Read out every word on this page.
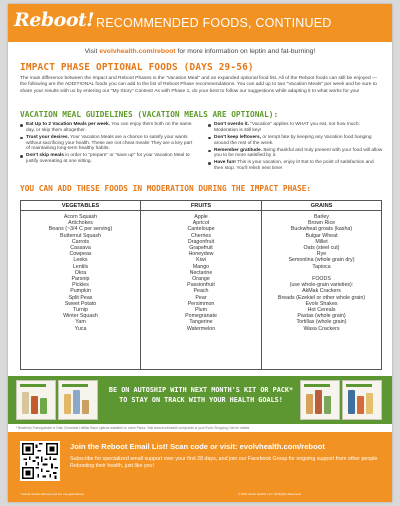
Reboot! RECOMMENDED FOODS, CONTINUED
Visit evolvhealth.com/reboot for more information on leptin and fat-burning!
IMPACT PHASE OPTIONAL FOODS (DAYS 29-56)
The main difference between the Impact and Reboot Phases is the "Vacation Meal" and an expanded optional food list. All of the Reboot foods can still be enjoyed — the following are the ADDITIONAL foods you can add to the list of Reboot Phase recommendations. You can add up to two "Vacation Meals" per week and be sure to share your results with us by entering our "My Story" Contest! As with Phase 1, do your best to follow our suggestions while adapting it to what works for you!
VACATION MEAL GUIDELINES (VACATION MEALS ARE OPTIONAL):
Eat Up to 2 Vacation Meals per week. You can enjoy them both on the same day, or skip them altogether.
Trust your desires. Your Vacation Meals are a chance to satisfy your wants without sacrificing your health. These are not cheat meals! They are a key part of maintaining long-term healthy habits.
Don't skip meals in order to "prepare" or "save up" for your Vacation Meal to justify overeating at one sitting.
Don't overdo it. "Vacation" applies to WHAT you eat, not how much: Moderation is still key!
Don't keep leftovers, or tempt fate by keeping any Vacation food hanging around the rest of the week.
Remember gratitude. Being thankful and truly present with your food will allow you to be more satisfied by it.
Have fun! This is your vacation, enjoy it! Eat to the point of satisfaction and then stop. You'll relish next time!
YOU CAN ADD THESE FOODS IN MODERATION DURING THE IMPACT PHASE:
VEGETABLES
Acorn Squash
Artichokes
Beans (~3/4 C per serving)
Butternut Squash
Carrots
Cassava
Cowpeas
Leeks
Lentils
Okra
Parsnip
Pickles
Pumpkin
Split Peas
Sweet Potato
Turnip
Winter Squash
Yam
Yuca
FRUITS
Apple
Apricot
Canteloupe
Cherries
Dragonfruit
Grapefruit
Honeydew
Kiwi
Mango
Nectarine
Orange
Passionfruit
Peach
Pear
Persimmon
Plum
Pomegranate
Tangerine
Watermelon
GRAINS
Barley
Brown Rice
Buckwheat groats (kasha)
Bulgar Wheat
Millet
Oats (steel cut)
Rye
Semonlina (whole grain dry)
Tapioca

FOODS
(use whole-grain varieties):
AkMak Crackers
Breads (Ezekiel or other whole grain)
Evolv Shakes
Hot Cereals
Pastas (whole grain)
Tortillas (whole grain)
Wasa Crackers
BE ON AUTOSHIP WITH NEXT MONTH'S KIT OR PACK*
TO STAY ON TRACK WITH YOUR HEALTH GOALS!
* Blueberry Pomegranate or Dark Chocolate LifeBar flavor options available on some Packs. Visit www.evolvhealth.com/packs or your Evolv Shopping Cart for details.
Join the Reboot Email List! Scan code or visit: evolvhealth.com/reboot
Subscribe for specialized email support over your first 28 days, and join our Facebook Group for ongoing support from other people Rebooting their health, just like you!
* Actual results will vary and are not guaranteed.	© 2017 Evolv Health, LLC. All Rights Reserved.
